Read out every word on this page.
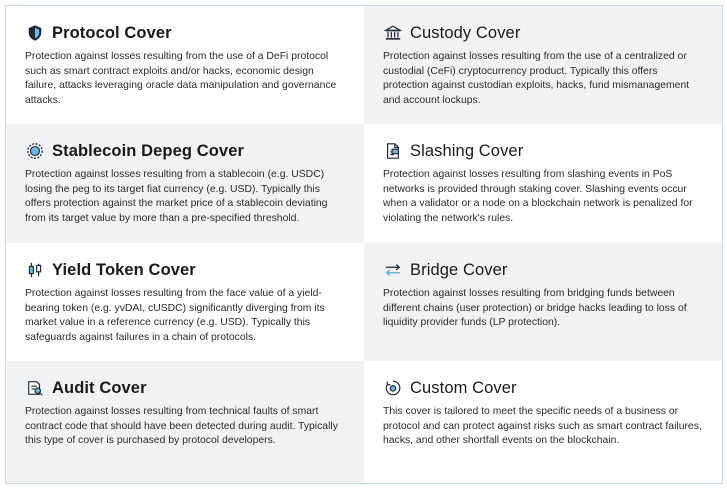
Protocol Cover

Protection against losses resulting from the use of a DeFi protocol such as smart contract exploits and/or hacks, economic design failure, attacks leveraging oracle data manipulation and governance attacks.

Custody Cover

Protection against losses resulting from the use of a centralized or custodial (CeFi) cryptocurrency product. Typically this offers protection against custodian exploits, hacks, fund mismanagement and account lockups.

Stablecoin Depeg Cover

Protection against losses resulting from a stablecoin (e.g. USDC) losing the peg to its target fiat currency (e.g. USD). Typically this offers protection against the market price of a stablecoin deviating from its target value by more than a pre-specified threshold.

Slashing Cover

Protection against losses resulting from slashing events in PoS networks is provided through staking cover. Slashing events occur when a validator or a node on a blockchain network is penalized for violating the network's rules.

Yield Token Cover

Protection against losses resulting from the face value of a yield-bearing token (e.g. yvDAI, cUSDC) significantly diverging from its market value in a reference currency (e.g. USD). Typically this safeguards against failures in a chain of protocols.

Bridge Cover

Protection against losses resulting from bridging funds between different chains (user protection) or bridge hacks leading to loss of liquidity provider funds (LP protection).

Audit Cover

Protection against losses resulting from technical faults of smart contract code that should have been detected during audit. Typically this type of cover is purchased by protocol developers.

Custom Cover

This cover is tailored to meet the specific needs of a business or protocol and can protect against risks such as smart contract failures, hacks, and other shortfall events on the blockchain.
